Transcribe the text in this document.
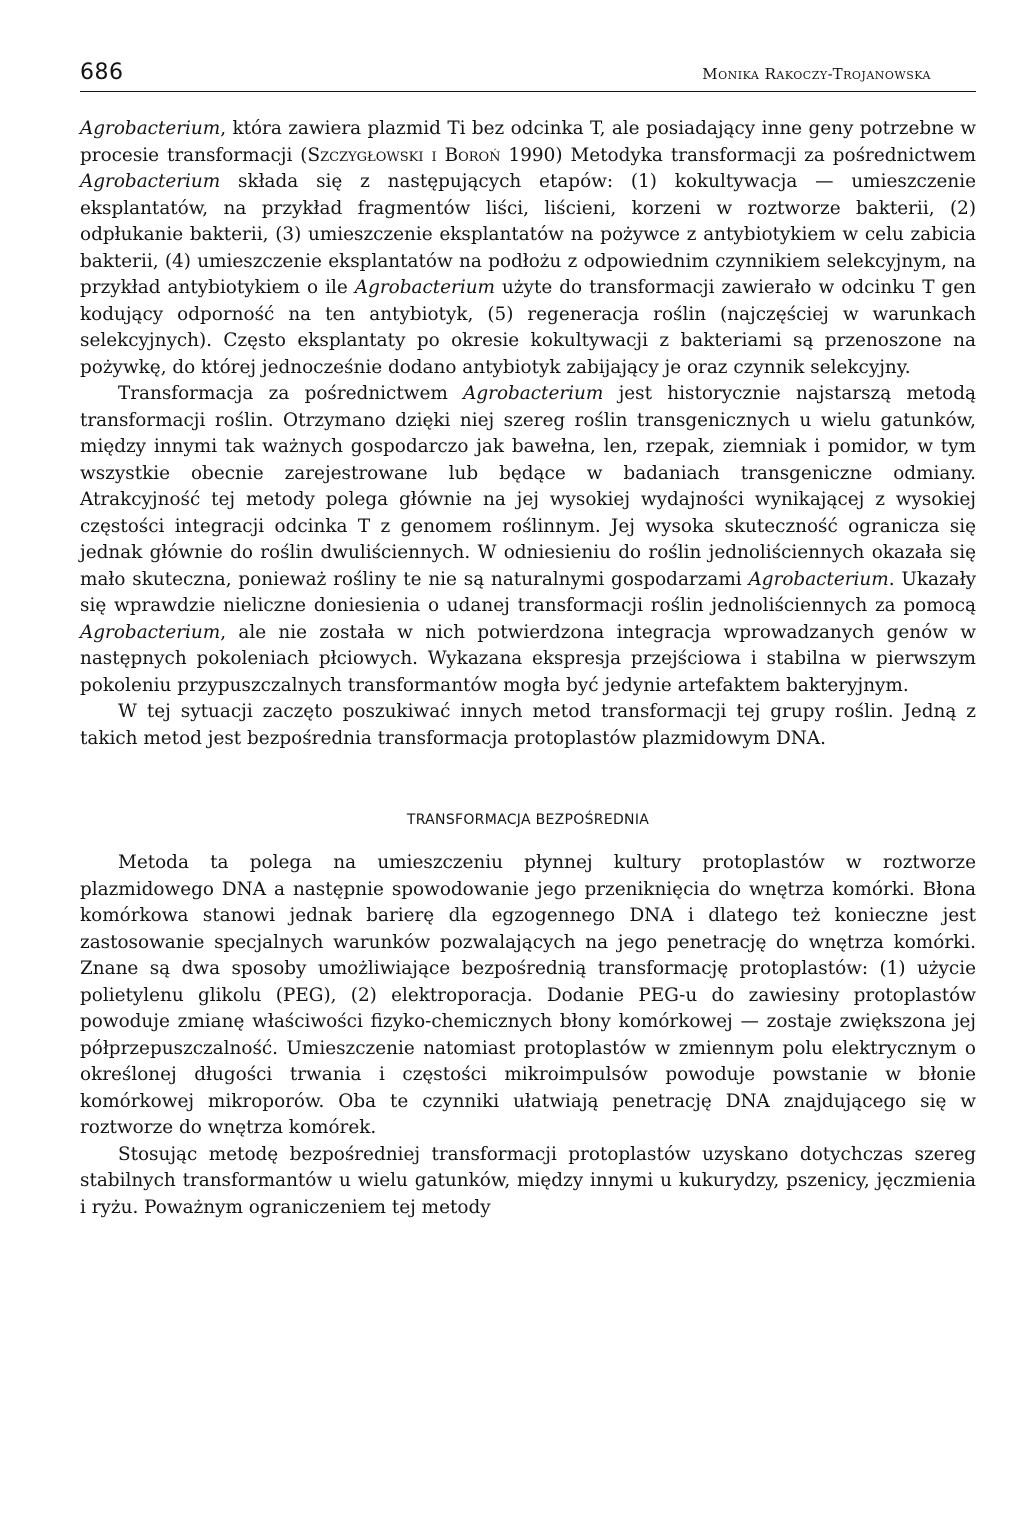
686	Monika Rakoczy-Trojanowska

Agrobacterium, która zawiera plazmid Ti bez odcinka T, ale posiadający inne geny potrzebne w procesie transformacji (Szczygłowski i Boroń 1990) Metodyka transformacji za pośrednictwem Agrobacterium składa się z następujących etapów: (1) kokultywacja — umieszczenie eksplantatów, na przykład fragmentów liści, liścieni, korzeni w roztworze bakterii, (2) odpłukanie bakterii, (3) umieszczenie eksplantatów na pożywce z antybiotykiem w celu zabicia bakterii, (4) umieszczenie eksplantatów na podłożu z odpowiednim czynnikiem selekcyjnym, na przykład antybiotykiem o ile Agrobacterium użyte do transformacji zawierało w odcinku T gen kodujący odporność na ten antybiotyk, (5) regeneracja roślin (najczęściej w warunkach selekcyjnych). Często eksplantaty po okresie kokultywacji z bakteriami są przenoszone na pożywkę, do której jednocześnie dodano antybiotyk zabijający je oraz czynnik selekcyjny.

Transformacja za pośrednictwem Agrobacterium jest historycznie najstarszą metodą transformacji roślin. Otrzymano dzięki niej szereg roślin transgenicznych u wielu gatunków, między innymi tak ważnych gospodarczo jak bawełna, len, rzepak, ziemniak i pomidor, w tym wszystkie obecnie zarejestrowane lub będące w badaniach transgeniczne odmiany. Atrakcyjność tej metody polega głównie na jej wysokiej wydajności wynikającej z wysokiej częstości integracji odcinka T z genomem roślinnym. Jej wysoka skuteczność ogranicza się jednak głównie do roślin dwuliściennych. W odniesieniu do roślin jednoliściennych okazała się mało skuteczna, ponieważ rośliny te nie są naturalnymi gospodarzami Agrobacterium. Ukazały się wprawdzie nieliczne doniesienia o udanej transformacji roślin jednoliściennych za pomocą Agrobacterium, ale nie została w nich potwierdzona integracja wprowadzanych genów w następnych pokoleniach płciowych. Wykazana ekspresja przejściowa i stabilna w pierwszym pokoleniu przypuszczalnych transformantów mogła być jedynie artefaktem bakteryjnym.

W tej sytuacji zaczęto poszukiwać innych metod transformacji tej grupy roślin. Jedną z takich metod jest bezpośrednia transformacja protoplastów plazmidowym DNA.

TRANSFORMACJA BEZPOŚREDNIA

Metoda ta polega na umieszczeniu płynnej kultury protoplastów w roztworze plazmidowego DNA a następnie spowodowanie jego przeniknięcia do wnętrza komórki. Błona komórkowa stanowi jednak barierę dla egzogennego DNA i dlatego też konieczne jest zastosowanie specjalnych warunków pozwalających na jego penetrację do wnętrza komórki. Znane są dwa sposoby umożliwiające bezpośrednią transformację protoplastów: (1) użycie polietylenu glikolu (PEG), (2) elektroporacja. Dodanie PEG-u do zawiesiny protoplastów powoduje zmianę właściwości fizyko-chemicznych błony komórkowej — zostaje zwiększona jej półprzepuszczalność. Umieszczenie natomiast protoplastów w zmiennym polu elektrycznym o określonej długości trwania i częstości mikroimpulsów powoduje powstanie w błonie komórkowej mikroporów. Oba te czynniki ułatwiają penetrację DNA znajdującego się w roztworze do wnętrza komórek.

Stosując metodę bezpośredniej transformacji protoplastów uzyskano dotychczas szereg stabilnych transformantów u wielu gatunków, między innymi u kukurydzy, pszenicy, jęczmienia i ryżu. Poważnym ograniczeniem tej metody
